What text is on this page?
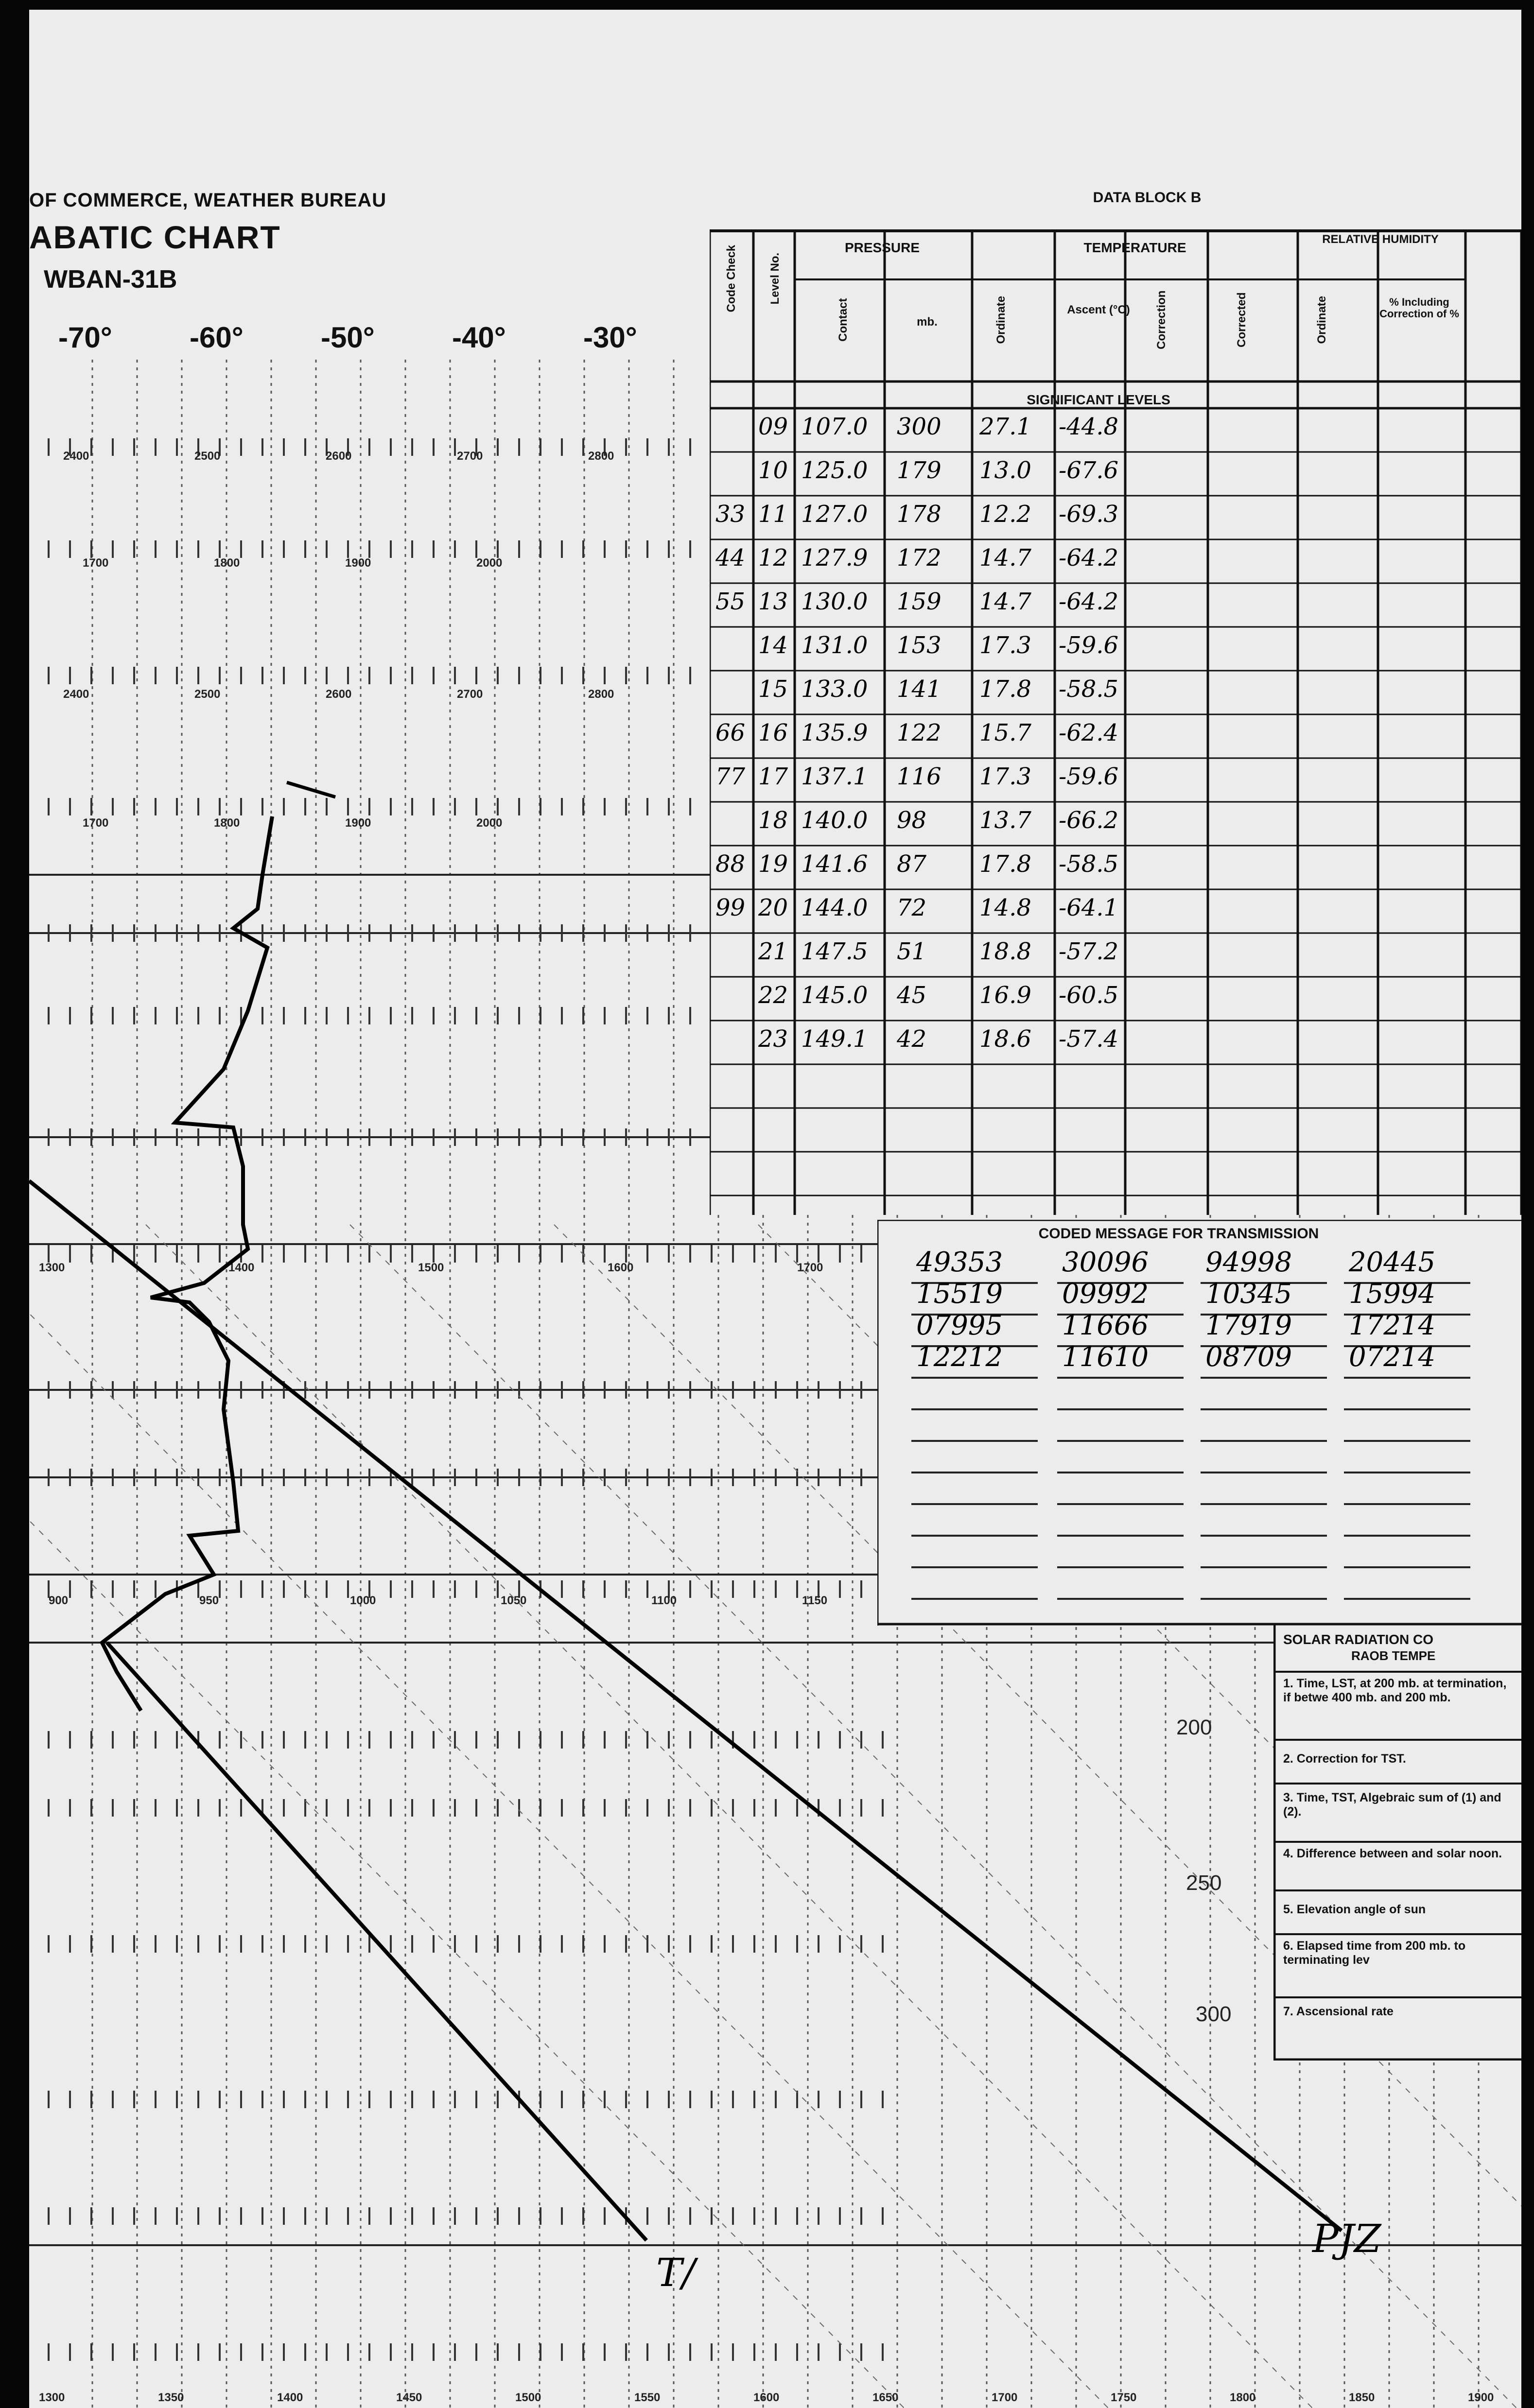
OF COMMERCE, WEATHER BUREAU
ABATIC CHART
WBAN-31B
-70°	-60°	-50°	-40°	-30°
2400	2500	2600	2700	2800
1700	1800	1900	2000
2400	2500	2600	2700	2800
1700	1800	1900	2000
1300	1400	1500	1600	1700
900	950	1000	1050	1100	1150
1300	1350	1400	1450	1500	1550	1600	1650	1700	1750	1800	1850	1900
200
250
300
DATA BLOCK B
Code Check	Level No.
PRESSURE
Contact	mb.
TEMPERATURE
Ordinate	Ascent (°C)	Correction	Corrected
RELATIVE HUMIDITY
Ordinate	% Including Correction of %
SIGNIFICANT LEVELS
09 107.0 300 27.1 -44.8
10 125.0 179 13.0 -67.6
33 11 127.0 178 12.2 -69.3
44 12 127.9 172 14.7 -64.2
55 13 130.0 159 14.7 -64.2
14 131.0 153 17.3 -59.6
15 133.0 141 17.8 -58.5
66 16 135.9 122 15.7 -62.4
77 17 137.1 116 17.3 -59.6
18 140.0 98 13.7 -66.2
88 19 141.6 87 17.8 -58.5
99 20 144.0 72 14.8 -64.1
21 147.5 51 18.8 -57.2
22 145.0 45 16.9 -60.5
23 149.1 42 18.6 -57.4
CODED MESSAGE FOR TRANSMISSION
49353 30096 94998 20445
15519 09992 10345 15994
07995 11666 17919 17214
12212 11610 08709 07214
SOLAR RADIATION CO
RAOB TEMPE
1. Time, LST, at 200 mb. at termination, if betwe 400 mb. and 200 mb.
2. Correction for TST.
3. Time, TST, Algebraic sum of (1) and (2).
4. Difference between and solar noon.
5. Elevation angle of sun
6. Elapsed time from 200 mb. to terminating lev
7. Ascensional rate
T/
PJZ
